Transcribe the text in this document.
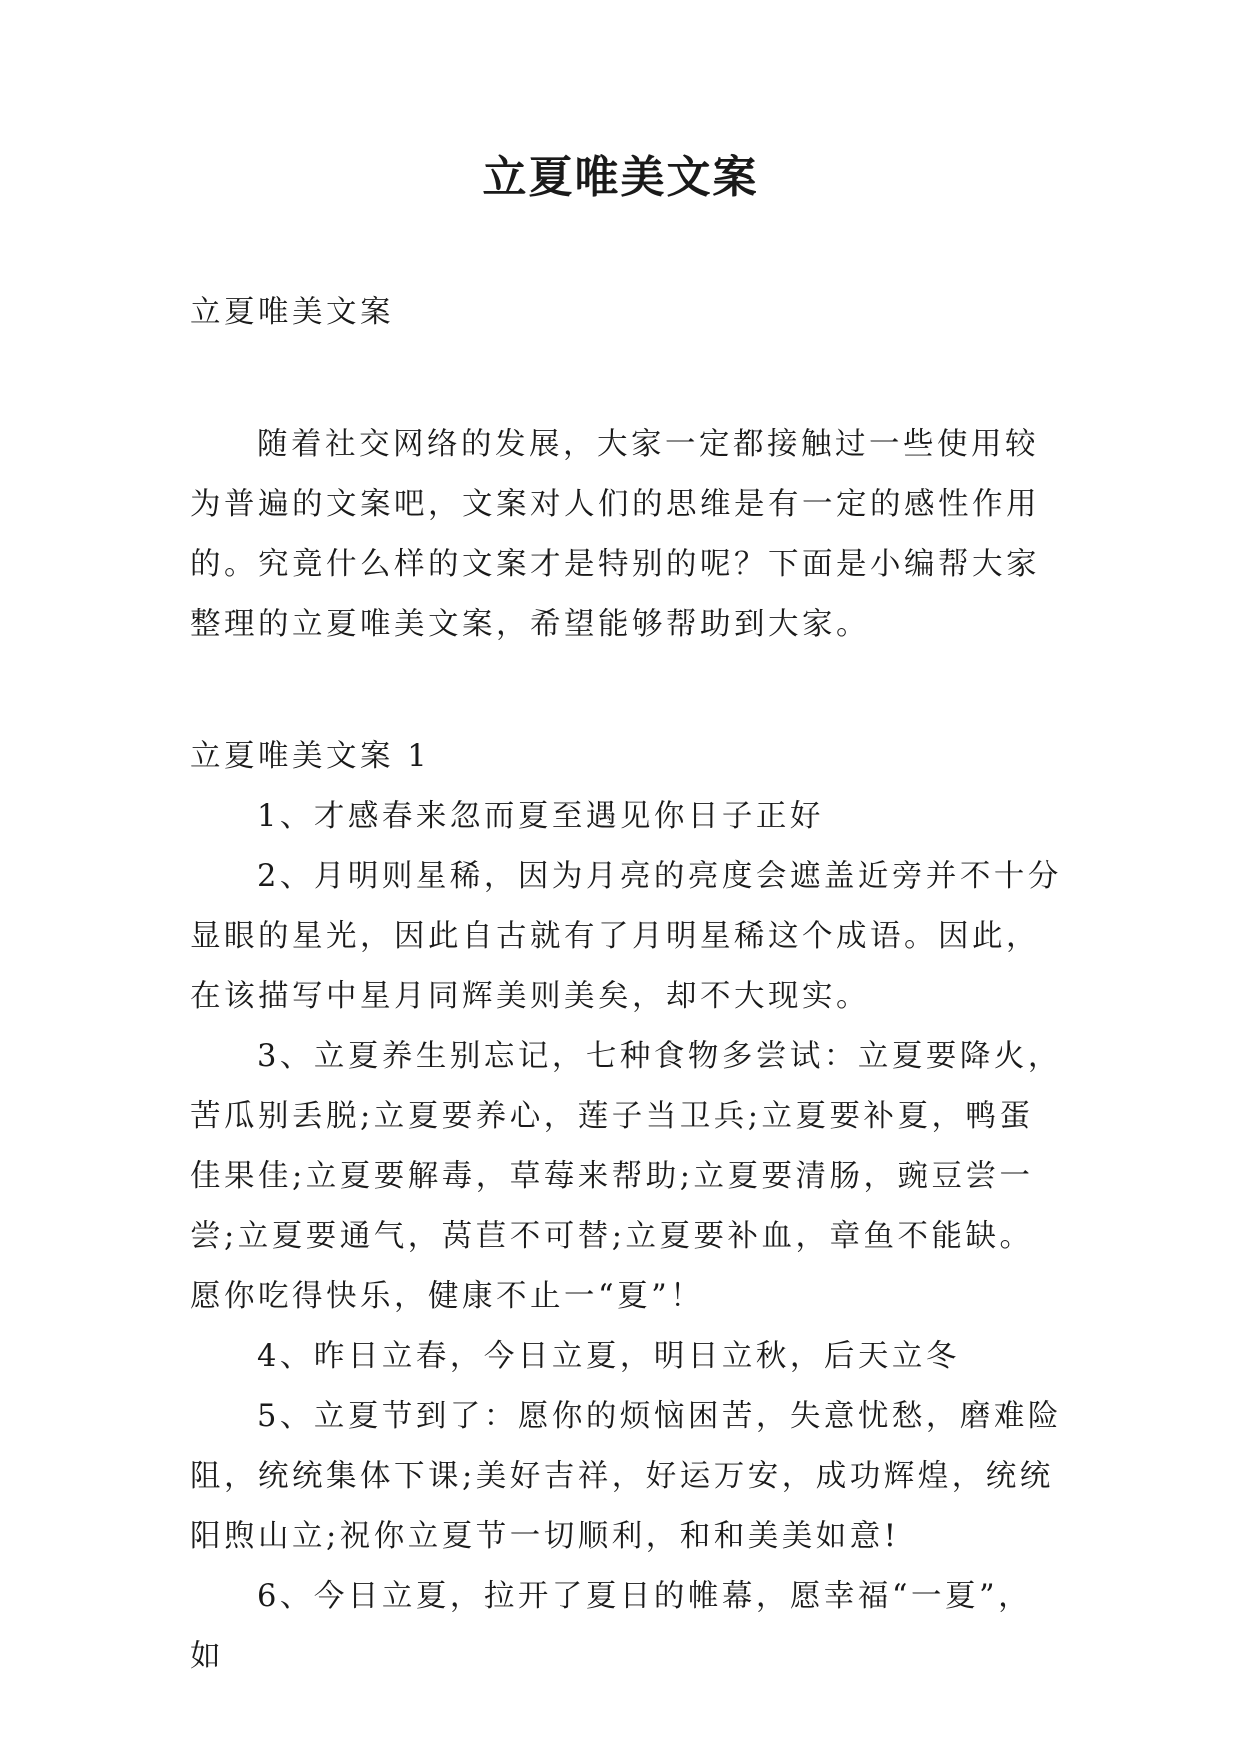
立夏唯美文案

立夏唯美文案

随着社交网络的发展，大家一定都接触过一些使用较为普遍的文案吧，文案对人们的思维是有一定的感性作用的。究竟什么样的文案才是特别的呢？下面是小编帮大家整理的立夏唯美文案，希望能够帮助到大家。

立夏唯美文案 1

1、才感春来忽而夏至遇见你日子正好

2、月明则星稀，因为月亮的亮度会遮盖近旁并不十分显眼的星光，因此自古就有了月明星稀这个成语。因此，在该描写中星月同辉美则美矣，却不大现实。

3、立夏养生别忘记，七种食物多尝试：立夏要降火，苦瓜别丢脱;立夏要养心，莲子当卫兵;立夏要补夏，鸭蛋佳果佳;立夏要解毒，草莓来帮助;立夏要清肠，豌豆尝一尝;立夏要通气，莴苣不可替;立夏要补血，章鱼不能缺。愿你吃得快乐，健康不止一“夏”！

4、昨日立春，今日立夏，明日立秋，后天立冬

5、立夏节到了：愿你的烦恼困苦，失意忧愁，磨难险阻，统统集体下课;美好吉祥，好运万安，成功辉煌，统统阳煦山立;祝你立夏节一切顺利，和和美美如意!

6、今日立夏，拉开了夏日的帷幕，愿幸福“一夏”，如
